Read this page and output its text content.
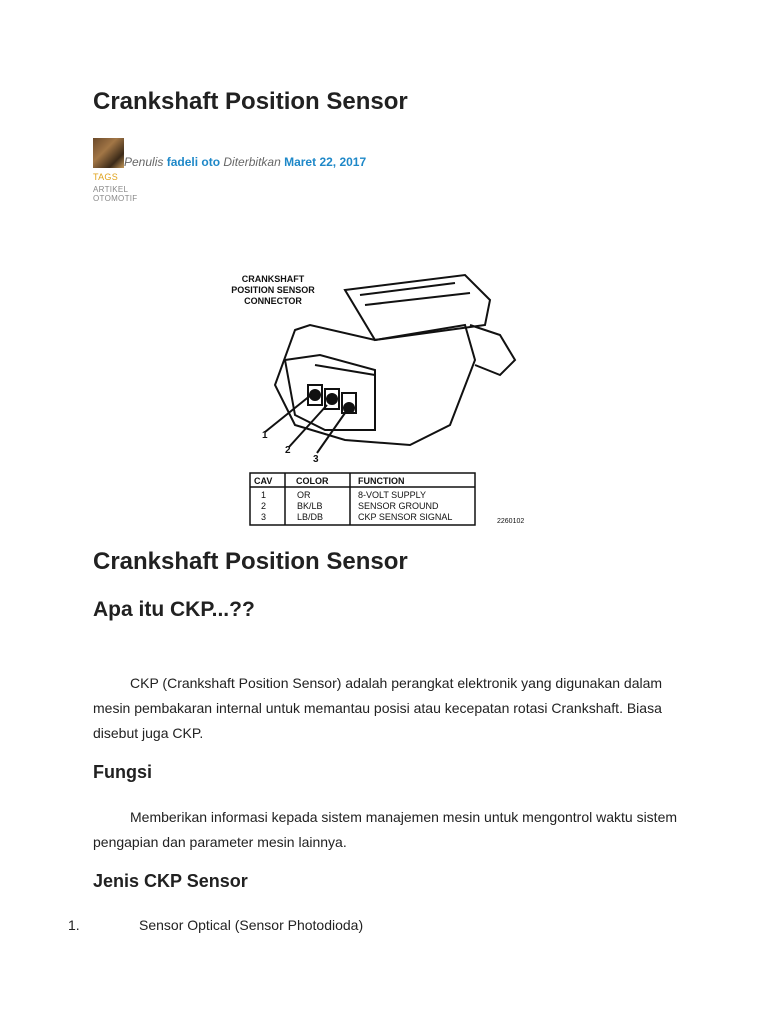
Crankshaft Position Sensor
Penulis fadeli oto Diterbitkan Maret 22, 2017
TAGS
ARTIKEL OTOMOTIF
CRANKSHAFT
POSITION SENSOR
CONNECTOR
1
2
3
CAV	COLOR	FUNCTION
1	OR	8-VOLT SUPPLY
2	BK/LB	SENSOR GROUND
3	LB/DB	CKP SENSOR SIGNAL	2260102
Crankshaft Position Sensor
Apa itu CKP...??

CKP (Crankshaft Position Sensor) adalah perangkat elektronik yang digunakan dalam mesin pembakaran internal untuk memantau posisi atau kecepatan rotasi Crankshaft. Biasa disebut juga CKP.

Fungsi

Memberikan informasi kepada sistem manajemen mesin untuk mengontrol waktu sistem pengapian dan parameter mesin lainnya.

Jenis CKP Sensor
1.	Sensor Optical (Sensor Photodioda)
